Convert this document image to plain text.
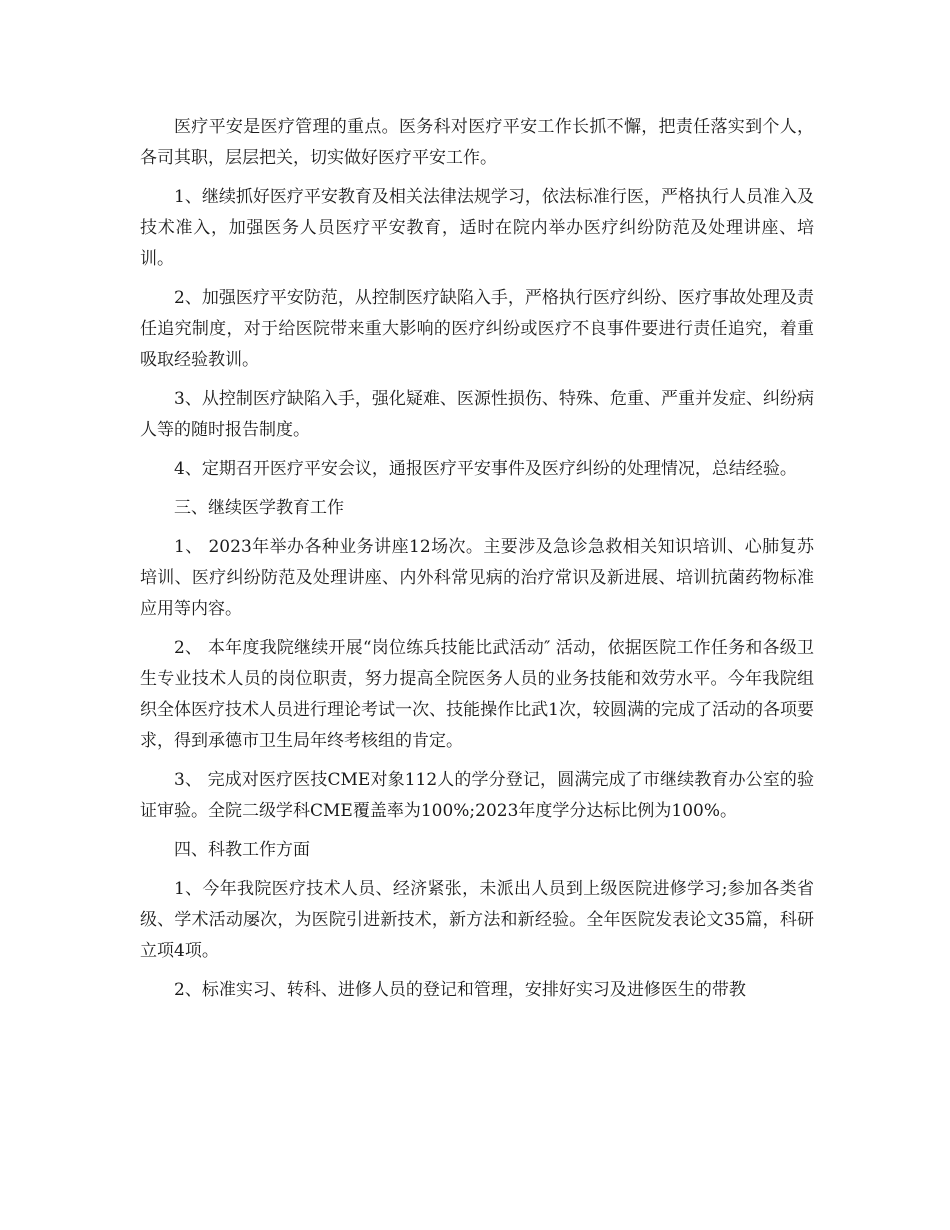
医疗平安是医疗管理的重点。医务科对医疗平安工作长抓不懈，把责任落实到个人，各司其职，层层把关，切实做好医疗平安工作。

1、继续抓好医疗平安教育及相关法律法规学习，依法标准行医，严格执行人员准入及技术准入，加强医务人员医疗平安教育，适时在院内举办医疗纠纷防范及处理讲座、培训。

2、加强医疗平安防范，从控制医疗缺陷入手，严格执行医疗纠纷、医疗事故处理及责任追究制度，对于给医院带来重大影响的医疗纠纷或医疗不良事件要进行责任追究，着重吸取经验教训。

3、从控制医疗缺陷入手，强化疑难、医源性损伤、特殊、危重、严重并发症、纠纷病人等的随时报告制度。

4、定期召开医疗平安会议，通报医疗平安事件及医疗纠纷的处理情况，总结经验。

三、继续医学教育工作

1、 2023年举办各种业务讲座12场次。主要涉及急诊急救相关知识培训、心肺复苏培训、医疗纠纷防范及处理讲座、内外科常见病的治疗常识及新进展、培训抗菌药物标准应用等内容。

2、 本年度我院继续开展“岗位练兵技能比武活动″ 活动，依据医院工作任务和各级卫生专业技术人员的岗位职责，努力提高全院医务人员的业务技能和效劳水平。今年我院组织全体医疗技术人员进行理论考试一次、技能操作比武1次，较圆满的完成了活动的各项要求，得到承德市卫生局年终考核组的肯定。

3、 完成对医疗医技CME对象112人的学分登记，圆满完成了市继续教育办公室的验证审验。全院二级学科CME覆盖率为100%;2023年度学分达标比例为100%。

四、科教工作方面

1、今年我院医疗技术人员、经济紧张，未派出人员到上级医院进修学习;参加各类省级、学术活动屡次，为医院引进新技术，新方法和新经验。全年医院发表论文35篇，科研立项4项。

2、标准实习、转科、进修人员的登记和管理，安排好实习及进修医生的带教
